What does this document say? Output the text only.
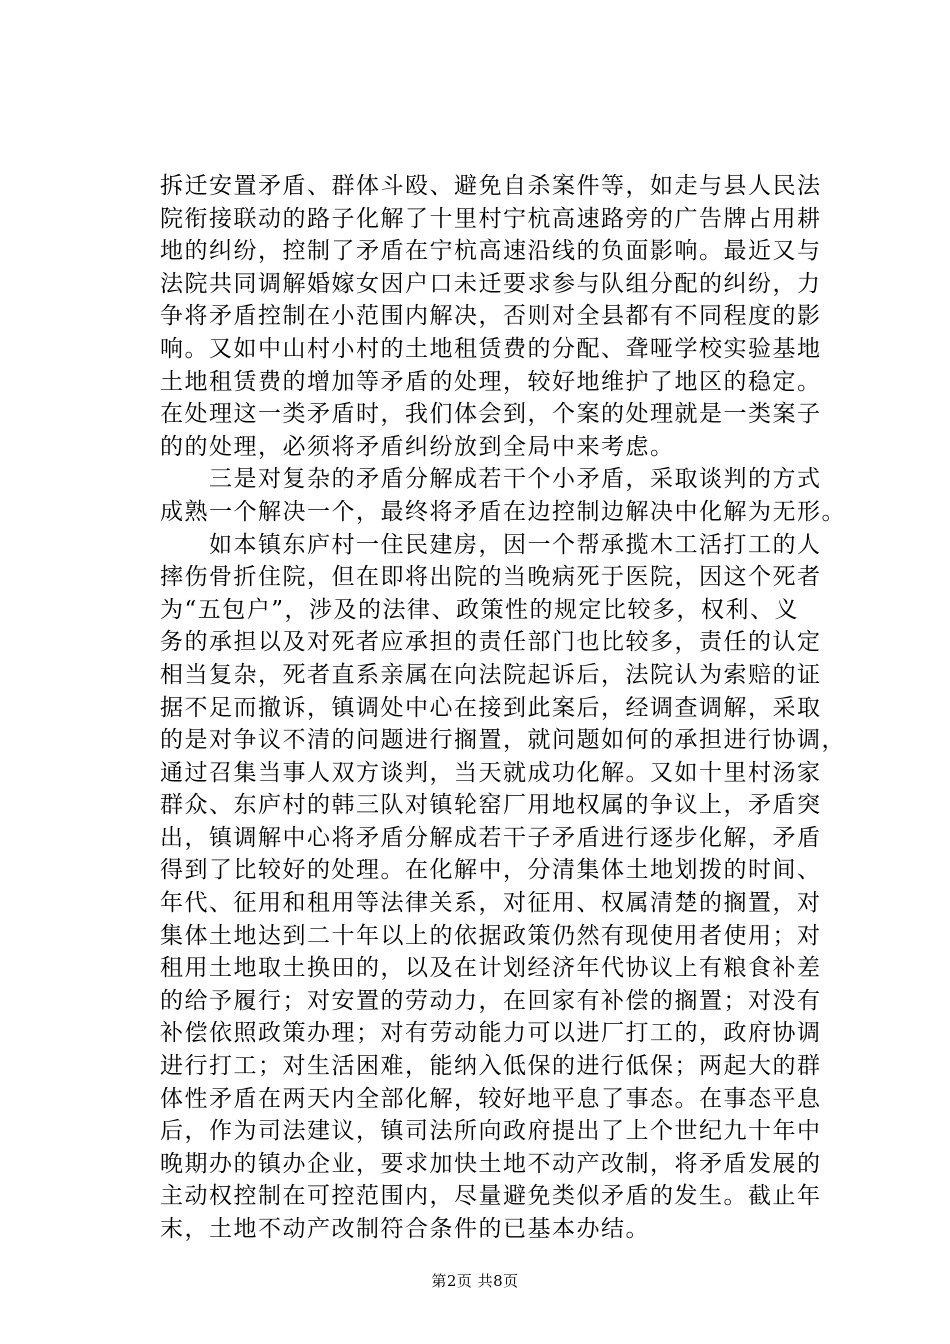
拆迁安置矛盾、群体斗殴、避免自杀案件等，如走与县人民法
院衔接联动的路子化解了十里村宁杭高速路旁的广告牌占用耕
地的纠纷，控制了矛盾在宁杭高速沿线的负面影响。最近又与
法院共同调解婚嫁女因户口未迁要求参与队组分配的纠纷，力
争将矛盾控制在小范围内解决，否则对全县都有不同程度的影
响。又如中山村小村的土地租赁费的分配、聋哑学校实验基地
土地租赁费的增加等矛盾的处理，较好地维护了地区的稳定。
在处理这一类矛盾时，我们体会到，个案的处理就是一类案子
的的处理，必须将矛盾纠纷放到全局中来考虑。
　　三是对复杂的矛盾分解成若干个小矛盾，采取谈判的方式
成熟一个解决一个，最终将矛盾在边控制边解决中化解为无形。
　　如本镇东庐村一住民建房，因一个帮承揽木工活打工的人
摔伤骨折住院，但在即将出院的当晚病死于医院，因这个死者
为“五包户”，涉及的法律、政策性的规定比较多，权利、义
务的承担以及对死者应承担的责任部门也比较多，责任的认定
相当复杂，死者直系亲属在向法院起诉后，法院认为索赔的证
据不足而撤诉，镇调处中心在接到此案后，经调查调解，采取
的是对争议不清的问题进行搁置，就问题如何的承担进行协调，
通过召集当事人双方谈判，当天就成功化解。又如十里村汤家
群众、东庐村的韩三队对镇轮窑厂用地权属的争议上，矛盾突
出，镇调解中心将矛盾分解成若干子矛盾进行逐步化解，矛盾
得到了比较好的处理。在化解中，分清集体土地划拨的时间、
年代、征用和租用等法律关系，对征用、权属清楚的搁置，对
集体土地达到二十年以上的依据政策仍然有现使用者使用；对
租用土地取土换田的，以及在计划经济年代协议上有粮食补差
的给予履行；对安置的劳动力，在回家有补偿的搁置；对没有
补偿依照政策办理；对有劳动能力可以进厂打工的，政府协调
进行打工；对生活困难，能纳入低保的进行低保；两起大的群
体性矛盾在两天内全部化解，较好地平息了事态。在事态平息
后，作为司法建议，镇司法所向政府提出了上个世纪九十年中
晚期办的镇办企业，要求加快土地不动产改制，将矛盾发展的
主动权控制在可控范围内，尽量避免类似矛盾的发生。截止年
末，土地不动产改制符合条件的已基本办结。
第2页 共8页
